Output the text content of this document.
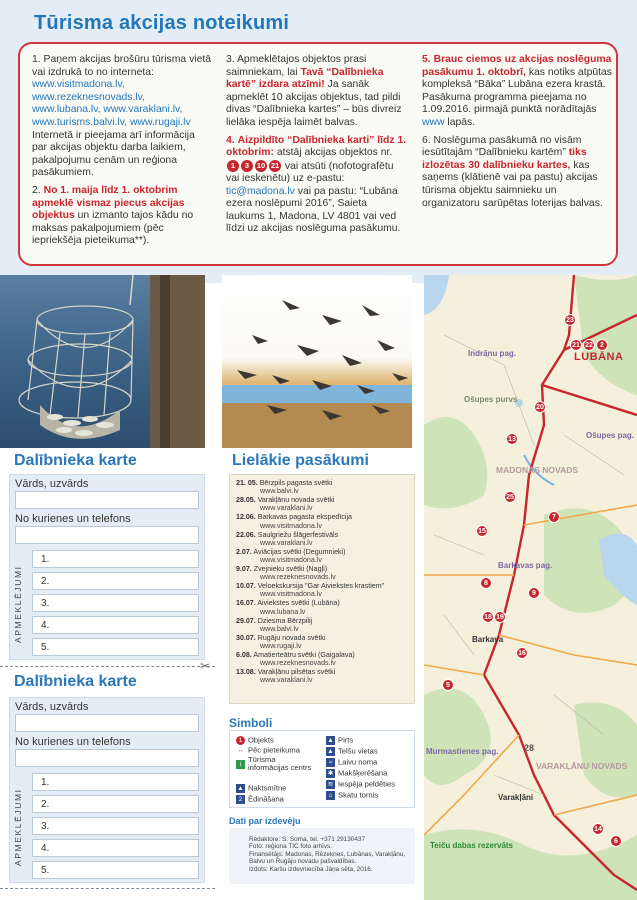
Tūrisma akcijas noteikumi
1. Paņem akcijas brošūru tūrisma vietā vai izdrukā to no interneta:
www.visitmadona.lv,
www.rezeknesnovads.lv,
www.lubana.lv, www.varaklani.lv,
www.turisms.balvi.lv, www.rugaji.lv
Internetā ir pieejama arī informācija par akcijas objektu darba laikiem, pakalpojumu cenām un reģiona pasākumiem.
2. No 1. maija līdz 1. oktobrim apmeklē vismaz piecus akcijas objektus un izmanto tajos kādu no maksas pakalpojumiem (pēc iepriekšēja pieteikuma**).
3. Apmeklētajos objektos prasi saimniekam, lai Tavā “Dalībnieka kartē” izdara atzīmi! Ja sanāk apmeklēt 10 akcijas objektus, tad pildi divas “Dalībnieka kartes” – būs divreiz lielāka iespēja laimēt balvas.
4. Aizpildīto “Dalībnieka karti” līdz 1. oktobrim: atstāj akcijas objektos nr. 1 3 10 21 vai atsūti (nofotografētu vai ieskenētu) uz e-pastu: tic@madona.lv vai pa pastu: “Lubāna ezera noslēpumi 2016”, Saieta laukums 1, Madona, LV 4801 vai ved līdzi uz akcijas noslēguma pasākumu.
5. Brauc ciemos uz akcijas noslēguma pasākumu 1. oktobrī, kas notiks atpūtas kompleksā “Bāka” Lubāna ezera krastā. Pasākuma programma pieejama no 1.09.2016. pirmajā punktā norādītajās www lapās.
6. Noslēguma pasākumā no visām iesūtītajām “Dalībnieku kartēm” tiks izlozētas 30 dalībnieku kartes, kas saņems (klātienē vai pa pastu) akcijas tūrisma objektu saimnieku un organizatoru sarūpētas loterijas balvas.
Indrānu pag.
Ošupes pag.
MADONAS NOVADS
Barkavas pag.
Barkava
Murmastienes pag.
VARAKĻĀNU NOVADS
Varakļāni
Teiču dabas rezervāts
Ošupes purvs
LUBĀNA
23
21 22	2
20
13
25
15
7
8
9
18 19
16
5
14
6
28
Dalībnieka karte
Vārds, uzvārds
No kurienes un telefons
APMEKLĒJUMI
1.
2.
3.
4.
5.
✂
Dalībnieka karte
Vārds, uzvārds
No kurienes un telefons
APMEKLĒJUMI
1.
2.
3.
4.
5.
Lielākie pasākumi
21. 05. Bērzpils pagasta svētki
www.balvi.lv
28.05. Varakļānu novada svētki
www.varaklani.lv
12.06. Barkavas pagasta ekspedīcija
www.visitmadona.lv
22.06. Saulgriežu šlāgerfestivāls
www.varaklani.lv
2.07. Aviācijas svētki (Degumnieki)
www.visitmadona.lv
9.07. Zvejnieku svētki (Nagļi)
www.rezeknesnovads.lv
10.07. Veloekskursija "Gar Aiviekstes krastiem"
www.visitmadona.lv
16.07. Aiviekstes svētki (Lubāna)
www.lubana.lv
29.07. Dziesma Bērzpilij
www.balvi.lv
30.07. Rugāju novada svētki
www.rugaji.lv
6.08. Amatierteātru svētki (Gaigalava)
www.rezeknesnovads.lv
13.08. Varakļānu pilsētas svētki
www.varaklani.lv
Simboli
1 Objekts
↔ Pēc pieteikuma
i
Tūrisma informācijas centrs
▲ Naktsmītne
2 Ēdināšana
▲ Pirts
▲ Telšu vietas
≈ Laivu noma
✱ Makšķerēšana
≋ Iespēja peldēties
⌂ Skatu tornis
Dati par izdevēju
Redaktore: S. Soma, tel. +371 29130437
Foto: reģiona TIC foto arhīvs.
Finansētājs: Madonas, Rēzeknes, Lubānas, Varakļānu,
Balvu un Rugāju novadu pašvaldības.
Izdots: Karšu izdevniecība Jāņa sēta, 2016.
